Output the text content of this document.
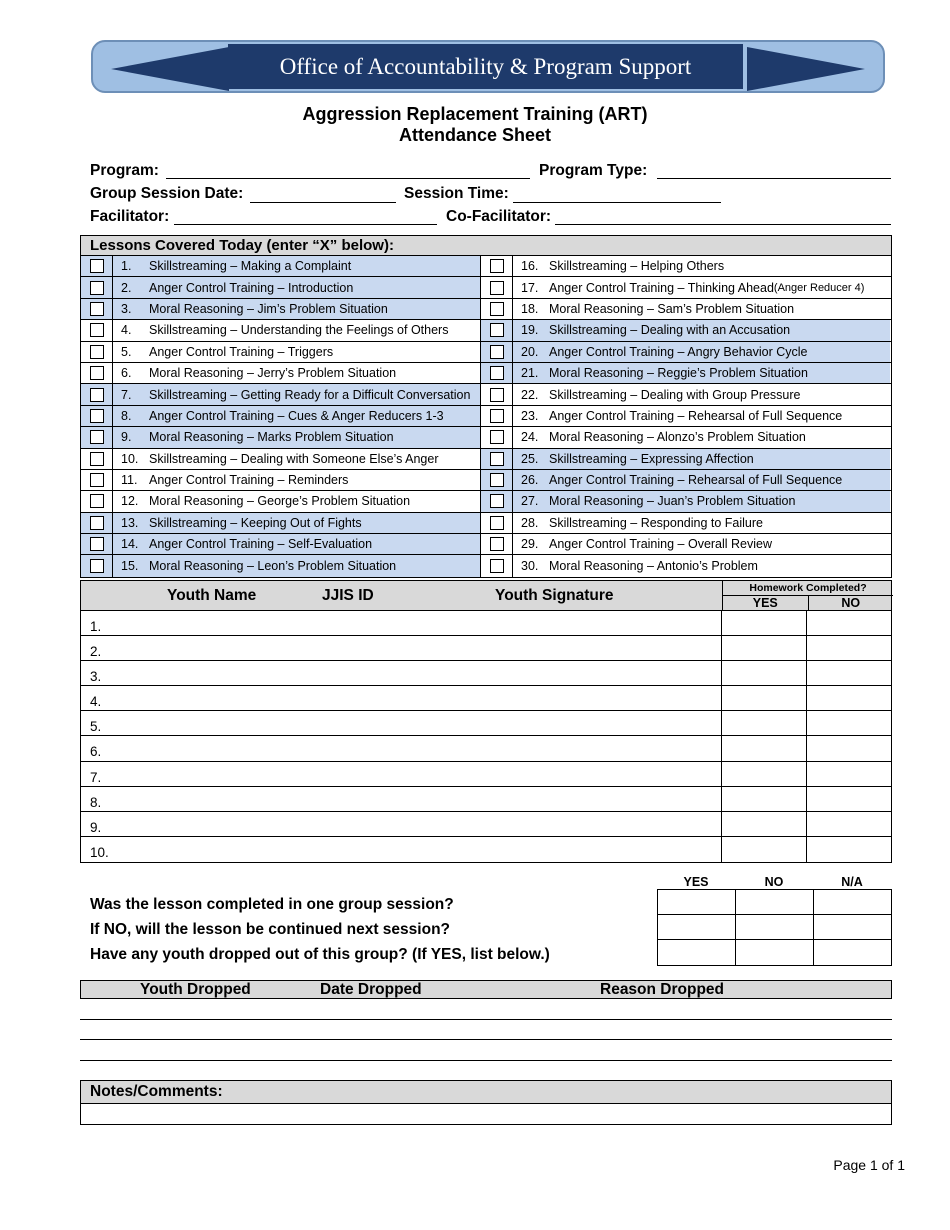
Office of Accountability & Program Support
Aggression Replacement Training (ART)
Attendance Sheet
Program:	Program Type:
Group Session Date:	Session Time:
Facilitator:	Co-Facilitator:
Lessons Covered Today (enter “X” below):
1.	Skillstreaming – Making a Complaint	16. Skillstreaming – Helping Others
2.	Anger Control Training – Introduction	17. Anger Control Training – Thinking Ahead (Anger Reducer 4)
3.	Moral Reasoning – Jim’s Problem Situation	18. Moral Reasoning – Sam’s Problem Situation
4.	Skillstreaming – Understanding the Feelings of Others	19. Skillstreaming – Dealing with an Accusation
5.	Anger Control Training – Triggers	20. Anger Control Training – Angry Behavior Cycle
6.	Moral Reasoning – Jerry’s Problem Situation	21. Moral Reasoning – Reggie’s Problem Situation
7.	Skillstreaming – Getting Ready for a Difficult Conversation	22. Skillstreaming – Dealing with Group Pressure
8.	Anger Control Training – Cues & Anger Reducers 1-3	23. Anger Control Training – Rehearsal of Full Sequence
9.	Moral Reasoning – Marks Problem Situation	24. Moral Reasoning – Alonzo’s Problem Situation
10. Skillstreaming – Dealing with Someone Else’s Anger	25. Skillstreaming – Expressing Affection
11. Anger Control Training – Reminders	26. Anger Control Training – Rehearsal of Full Sequence
12. Moral Reasoning – George’s Problem Situation	27. Moral Reasoning – Juan’s Problem Situation
13. Skillstreaming – Keeping Out of Fights	28. Skillstreaming – Responding to Failure
14. Anger Control Training – Self-Evaluation	29. Anger Control Training – Overall Review
15. Moral Reasoning – Leon’s Problem Situation	30. Moral Reasoning – Antonio’s Problem
Youth Name	JJIS ID	Youth Signature	Homework Completed?
YES	NO
1.
2.
3.
4.
5.
6.
7.
8.
9.
10.
YES	NO	N/A
Was the lesson completed in one group session?
If NO, will the lesson be continued next session?
Have any youth dropped out of this group? (If YES, list below.)
Youth Dropped	Date Dropped	Reason Dropped
Notes/Comments:
Page 1 of 1
